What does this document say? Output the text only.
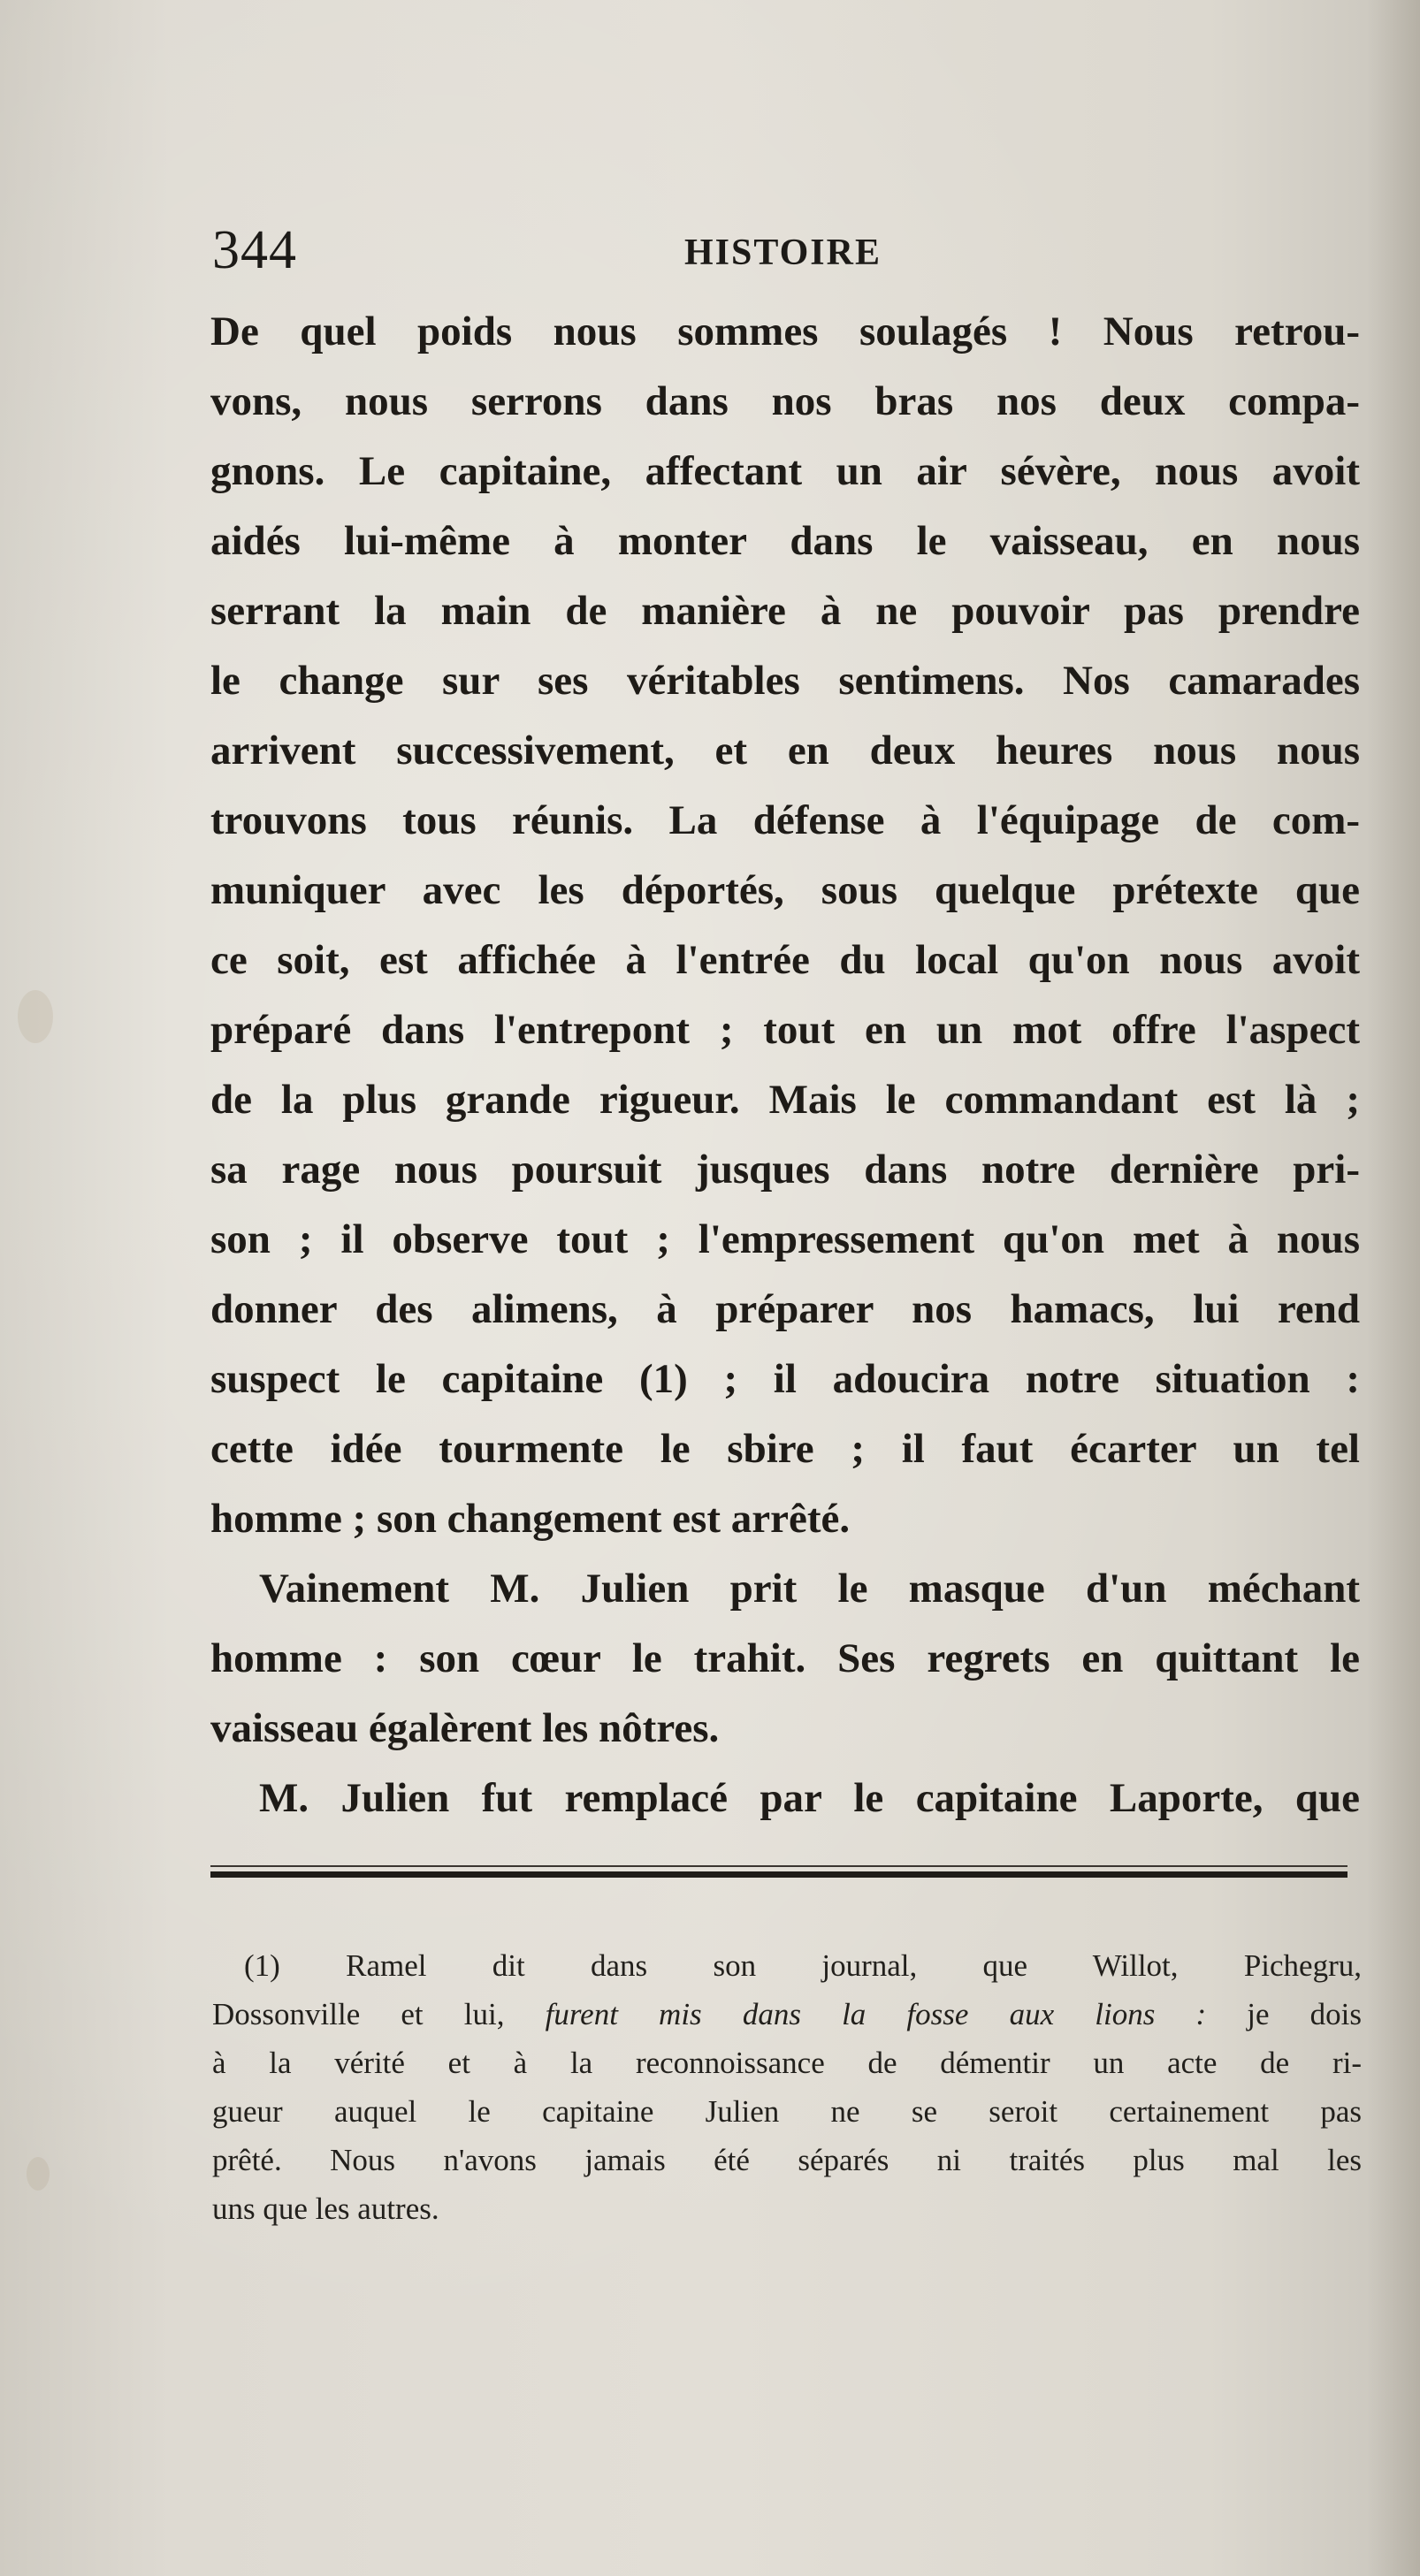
344	HISTOIRE
De quel poids nous sommes soulagés ! Nous retrou-
vons, nous serrons dans nos bras nos deux compa-
gnons. Le capitaine, affectant un air sévère, nous avoit
aidés lui-même à monter dans le vaisseau, en nous
serrant la main de manière à ne pouvoir pas prendre
le change sur ses véritables sentimens. Nos camarades
arrivent successivement, et en deux heures nous nous
trouvons tous réunis. La défense à l'équipage de com-
muniquer avec les déportés, sous quelque prétexte que
ce soit, est affichée à l'entrée du local qu'on nous avoit
préparé dans l'entrepont ; tout en un mot offre l'aspect
de la plus grande rigueur. Mais le commandant est là ;
sa rage nous poursuit jusques dans notre dernière pri-
son ; il observe tout ; l'empressement qu'on met à nous
donner des alimens, à préparer nos hamacs, lui rend
suspect le capitaine (1) ; il adoucira notre situation :
cette idée tourmente le sbire ; il faut écarter un tel
homme ; son changement est arrêté.
Vainement M. Julien prit le masque d'un méchant
homme : son cœur le trahit. Ses regrets en quittant le
vaisseau égalèrent les nôtres.
M. Julien fut remplacé par le capitaine Laporte, que
(1) Ramel dit dans son journal, que Willot, Pichegru,
Dossonville et lui, furent mis dans la fosse aux lions : je dois
à la vérité et à la reconnoissance de démentir un acte de ri-
gueur auquel le capitaine Julien ne se seroit certainement pas
prêté. Nous n'avons jamais été séparés ni traités plus mal les
uns que les autres.
